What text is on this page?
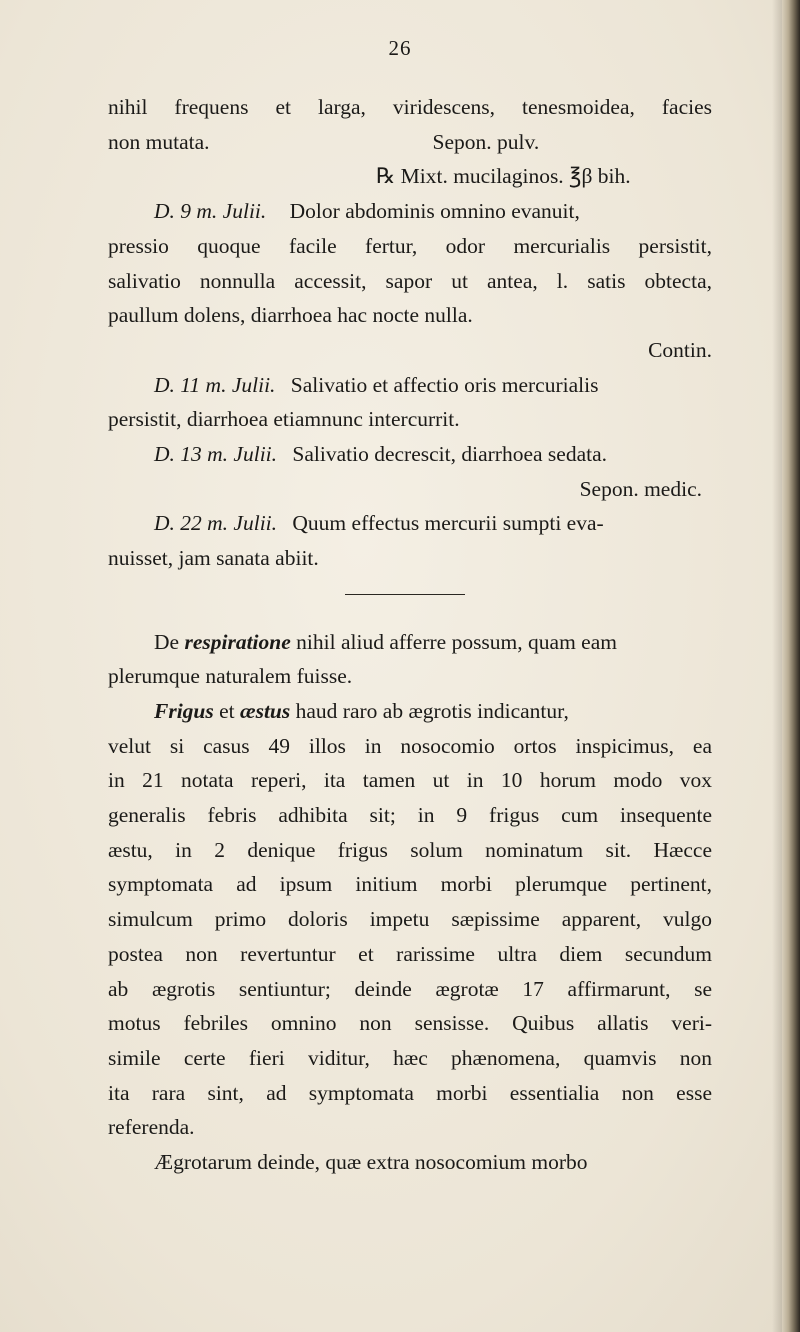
26
nihil frequens et larga, viridescens, tenesmoidea, facies
non mutata.	Sepon. pulv.
℞ Mixt. mucilaginos. ℥β bih.
D. 9 m. Julii. Dolor abdominis omnino evanuit,
pressio quoque facile fertur, odor mercurialis persistit,
salivatio nonnulla accessit, sapor ut antea, l. satis obtecta,
paullum dolens, diarrhoea hac nocte nulla.
Contin.
D. 11 m. Julii. Salivatio et affectio oris mercurialis
persistit, diarrhoea etiamnunc intercurrit.
D. 13 m. Julii. Salivatio decrescit, diarrhoea sedata.
Sepon. medic.
D. 22 m. Julii. Quum effectus mercurii sumpti eva-
nuisset, jam sanata abiit.
De respiratione nihil aliud afferre possum, quam eam
plerumque naturalem fuisse.
Frigus et æstus haud raro ab ægrotis indicantur,
velut si casus 49 illos in nosocomio ortos inspicimus, ea
in 21 notata reperi, ita tamen ut in 10 horum modo vox
generalis febris adhibita sit; in 9 frigus cum insequente
æstu, in 2 denique frigus solum nominatum sit. Hæcce
symptomata ad ipsum initium morbi plerumque pertinent,
simulcum primo doloris impetu sæpissime apparent, vulgo
postea non revertuntur et rarissime ultra diem secundum
ab ægrotis sentiuntur; deinde ægrotæ 17 affirmarunt, se
motus febriles omnino non sensisse. Quibus allatis veri-
simile certe fieri viditur, hæc phænomena, quamvis non
ita rara sint, ad symptomata morbi essentialia non esse
referenda.
Ægrotarum deinde, quæ extra nosocomium morbo
